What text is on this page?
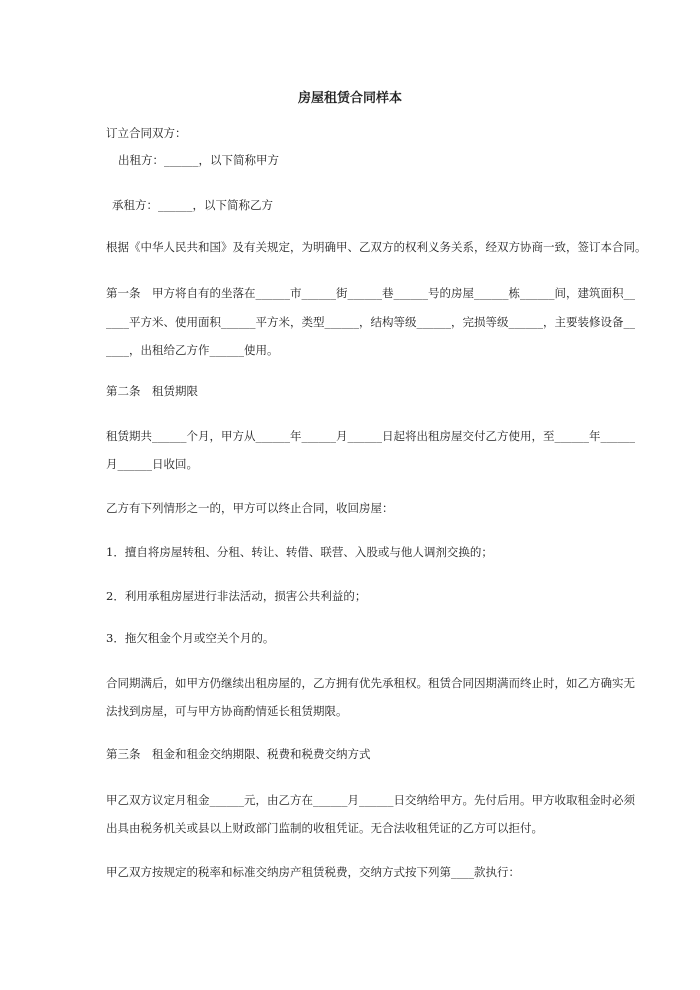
房屋租赁合同样本
订立合同双方：
出租方：______，以下简称甲方
承租方：______，以下简称乙方
根据《中华人民共和国》及有关规定，为明确甲、乙双方的权利义务关系，经双方协商一致，签订本合同。
第一条　甲方将自有的坐落在______市______街______巷______号的房屋______栋______间，建筑面积__
____平方米、使用面积______平方米，类型______，结构等级______，完损等级______，主要装修设备__
____，出租给乙方作______使用。
第二条　租赁期限
租赁期共______个月，甲方从______年______月______日起将出租房屋交付乙方使用，至______年______
月______日收回。
乙方有下列情形之一的，甲方可以终止合同，收回房屋：
1．擅自将房屋转租、分租、转让、转借、联营、入股或与他人调剂交换的；
2．利用承租房屋进行非法活动，损害公共利益的；
3．拖欠租金个月或空关个月的。
合同期满后，如甲方仍继续出租房屋的，乙方拥有优先承租权。租赁合同因期满而终止时，如乙方确实无
法找到房屋，可与甲方协商酌情延长租赁期限。
第三条　租金和租金交纳期限、税费和税费交纳方式
甲乙双方议定月租金______元，由乙方在______月______日交纳给甲方。先付后用。甲方收取租金时必须
出具由税务机关或县以上财政部门监制的收租凭证。无合法收租凭证的乙方可以拒付。
甲乙双方按规定的税率和标准交纳房产租赁税费，交纳方式按下列第____款执行：
